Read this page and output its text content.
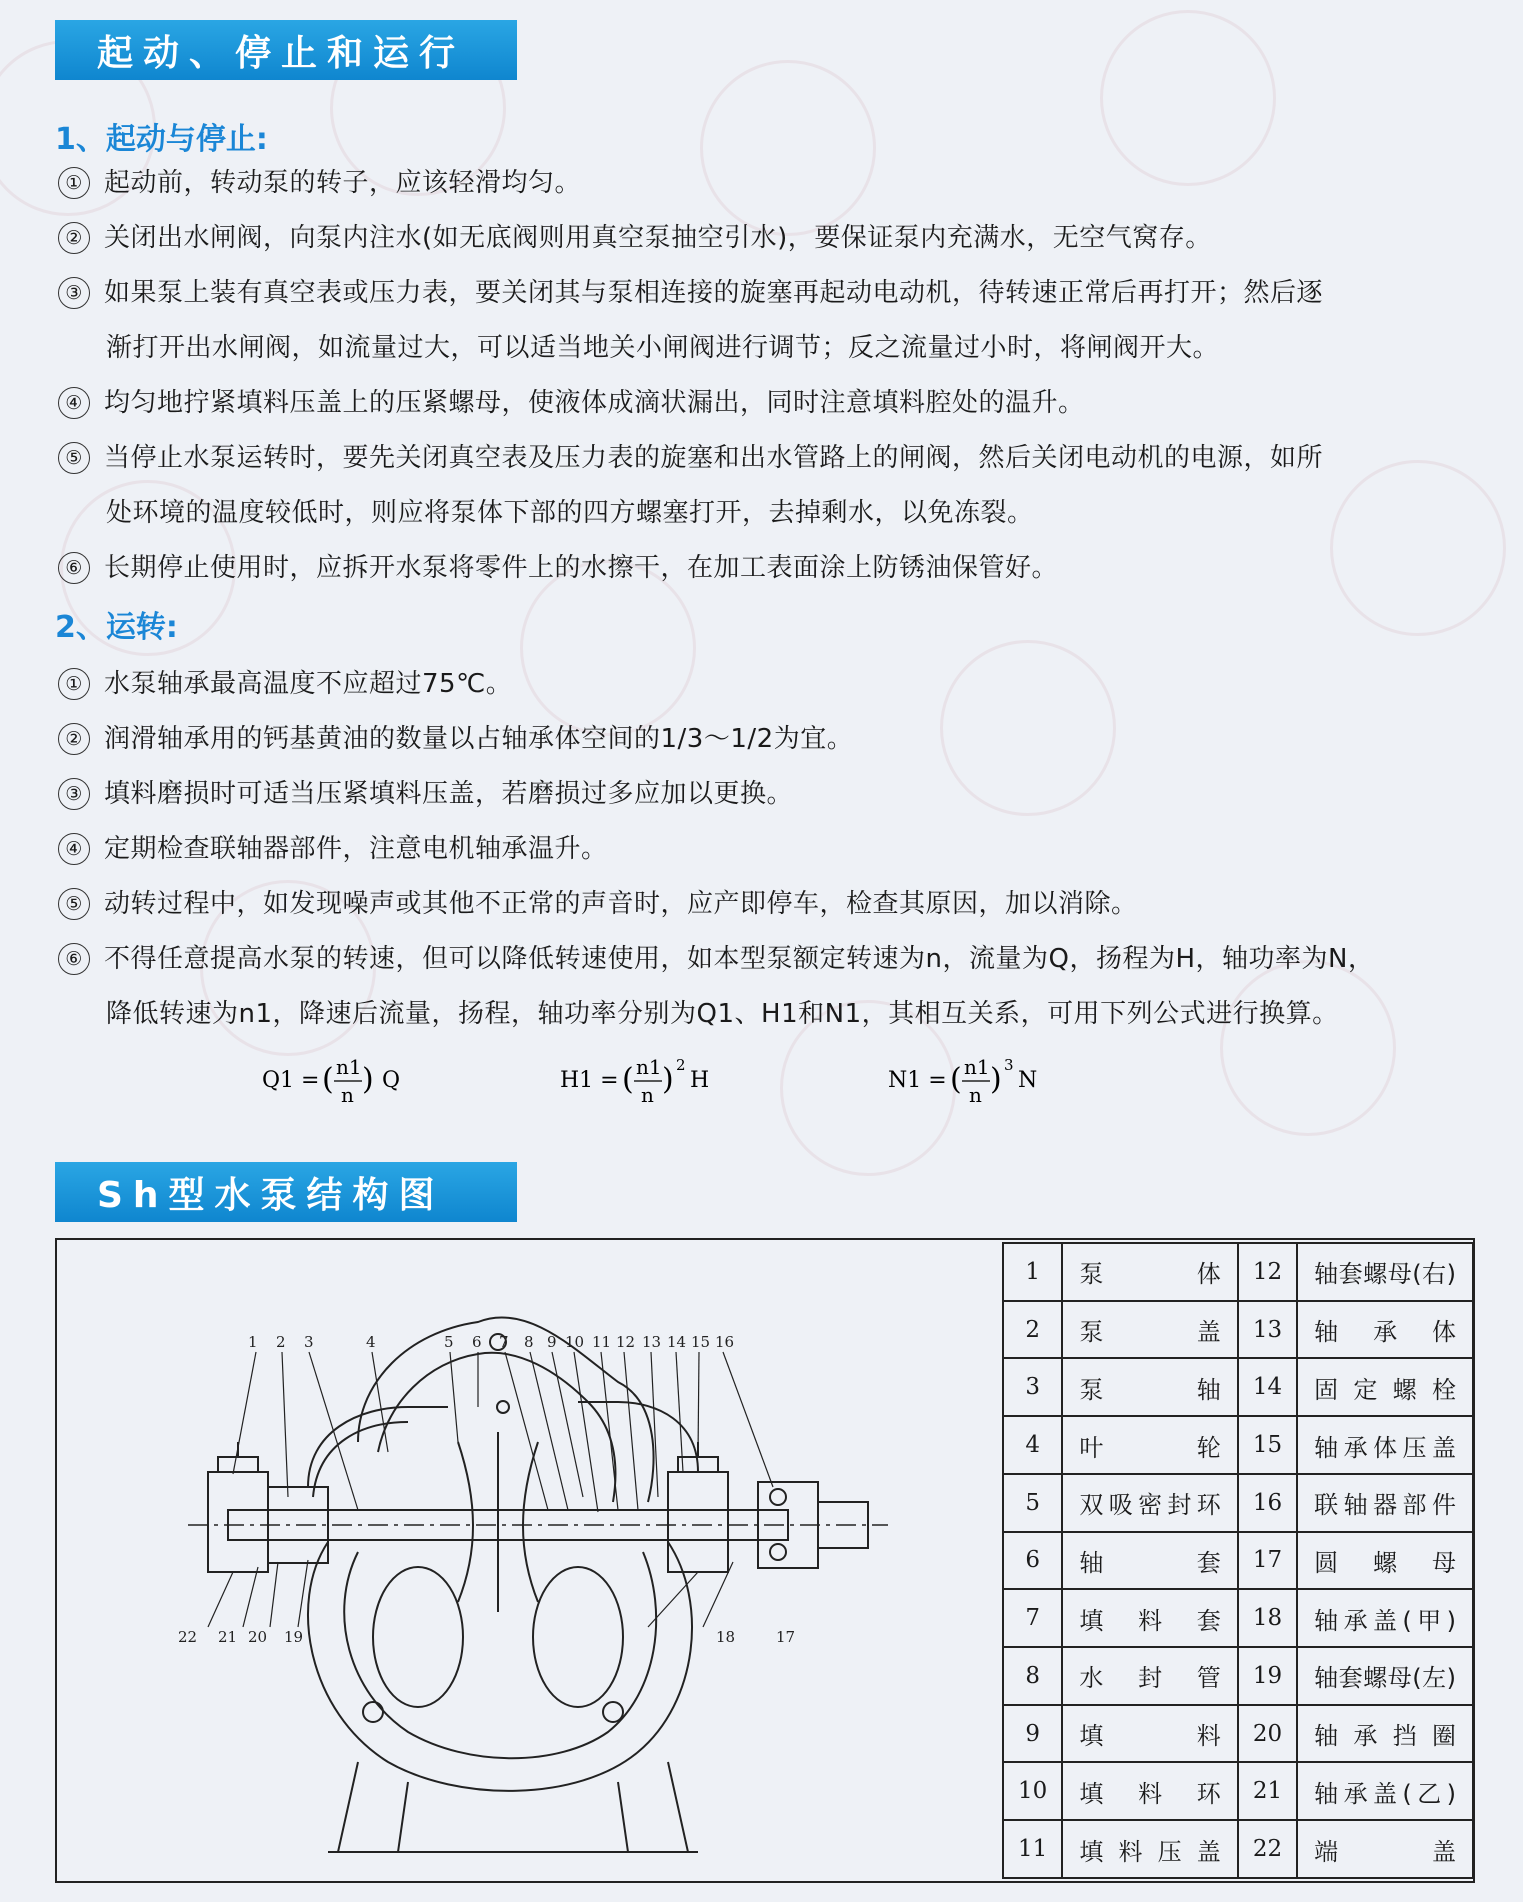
起动、停止和运行
1、起动与停止:
① 起动前，转动泵的转子，应该轻滑均匀。
② 关闭出水闸阀，向泵内注水(如无底阀则用真空泵抽空引水)，要保证泵内充满水，无空气窝存。
③ 如果泵上装有真空表或压力表，要关闭其与泵相连接的旋塞再起动电动机，待转速正常后再打开；然后逐
渐打开出水闸阀，如流量过大，可以适当地关小闸阀进行调节；反之流量过小时，将闸阀开大。
④ 均匀地拧紧填料压盖上的压紧螺母，使液体成滴状漏出，同时注意填料腔处的温升。
⑤ 当停止水泵运转时，要先关闭真空表及压力表的旋塞和出水管路上的闸阀，然后关闭电动机的电源，如所
处环境的温度较低时，则应将泵体下部的四方螺塞打开，去掉剩水，以免冻裂。
⑥ 长期停止使用时，应拆开水泵将零件上的水擦干，在加工表面涂上防锈油保管好。
2、运转:
① 水泵轴承最高温度不应超过75℃。
② 润滑轴承用的钙基黄油的数量以占轴承体空间的1/3～1/2为宜。
③ 填料磨损时可适当压紧填料压盖，若磨损过多应加以更换。
④ 定期检查联轴器部件，注意电机轴承温升。
⑤ 动转过程中，如发现噪声或其他不正常的声音时，应产即停车，检查其原因，加以消除。
⑥ 不得任意提高水泵的转速，但可以降低转速使用，如本型泵额定转速为n，流量为Q，扬程为H，轴功率为N，
降低转速为n1，降速后流量，扬程，轴功率分别为Q1、H1和N1，其相互关系，可用下列公式进行换算。
Q1 = ( n1
n ) Q	H1 = ( n1
n ) 2
H	N1 = ( n1
n ) 3
N
Sh型水泵结构图
1 2 3	4	5 6 7 8 9 10 11 12 13 14 15 16
22 21 20 19	18	17
1	泵体	12	轴套螺母(右)

2	泵盖	13	轴承体

3	泵轴	14	固定螺栓

4	叶轮	15	轴承体压盖

5	双吸密封环	16	联轴器部件

6	轴套	17	圆螺母

7	填料套	18	轴承盖(甲)

8	水封管	19	轴套螺母(左)

9	填料	20	轴承挡圈

10	填料环	21	轴承盖(乙)

11	填料压盖	22	端盖
